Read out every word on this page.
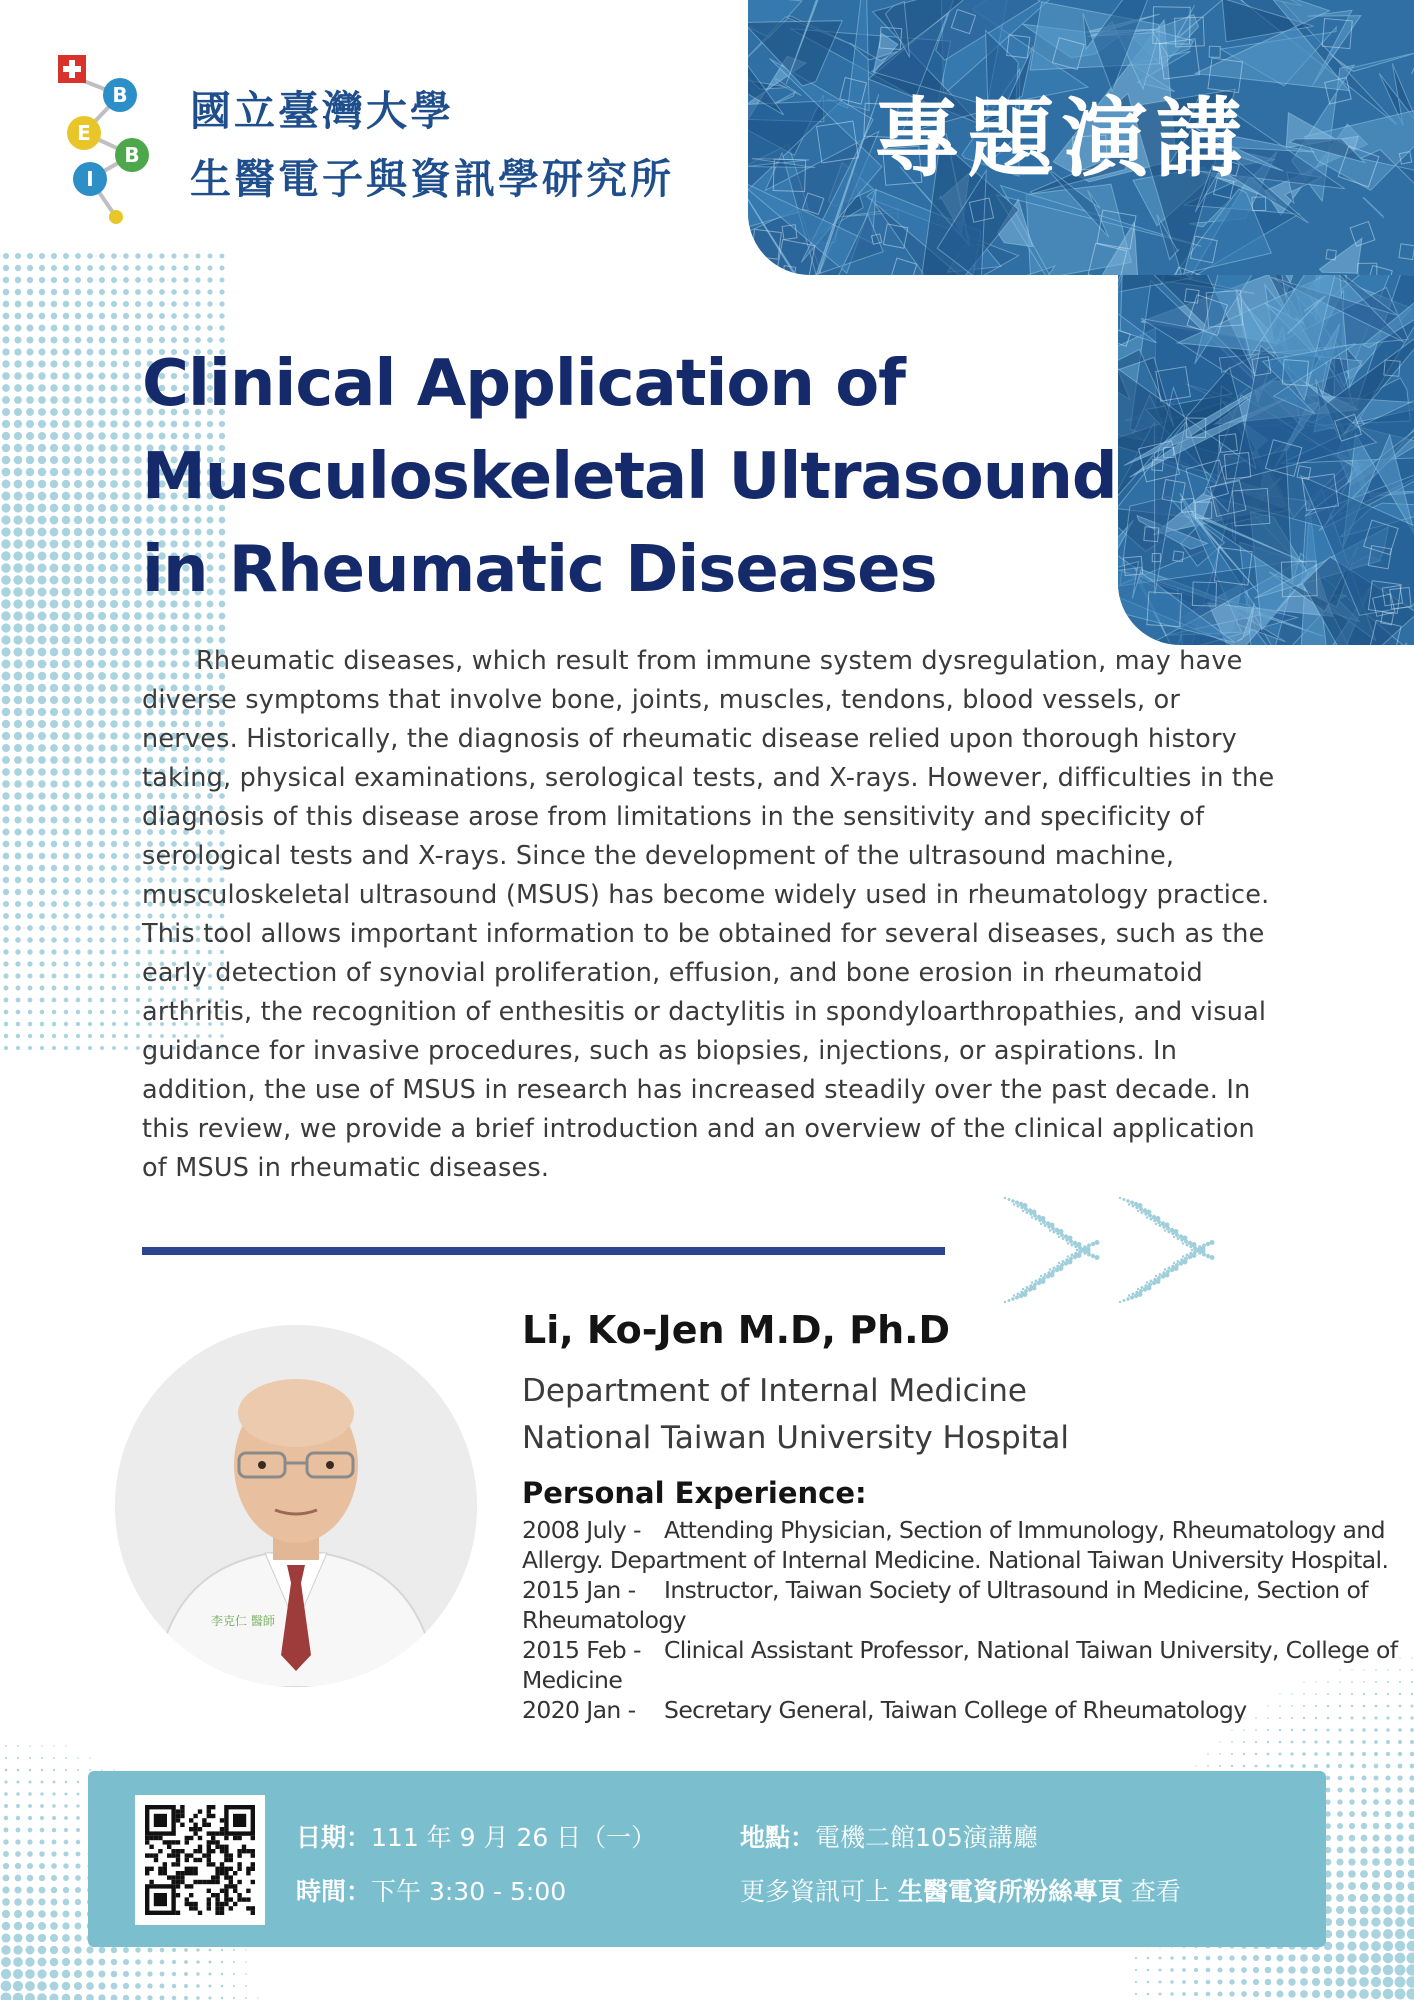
專題演講
B
E
B
I
國立臺灣大學
生醫電子與資訊學研究所
Clinical Application of Musculoskeletal Ultrasound in Rheumatic Diseases

Rheumatic diseases, which result from immune system dysregulation, may have diverse symptoms that involve bone, joints, muscles, tendons, blood vessels, or nerves. Historically, the diagnosis of rheumatic disease relied upon thorough history taking, physical examinations, serological tests, and X-rays. However, difficulties in the diagnosis of this disease arose from limitations in the sensitivity and specificity of serological tests and X-rays. Since the development of the ultrasound machine, musculoskeletal ultrasound (MSUS) has become widely used in rheumatology practice. This tool allows important information to be obtained for several diseases, such as the early detection of synovial proliferation, effusion, and bone erosion in rheumatoid arthritis, the recognition of enthesitis or dactylitis in spondyloarthropathies, and visual guidance for invasive procedures, such as biopsies, injections, or aspirations. In addition, the use of MSUS in research has increased steadily over the past decade. In this review, we provide a brief introduction and an overview of the clinical application of MSUS in rheumatic diseases.

李克仁 醫師
Li, Ko-Jen M.D, Ph.D
Department of Internal Medicine
National Taiwan University Hospital
Personal Experience:
2008 July - Attending Physician, Section of Immunology, Rheumatology and Allergy. Department of Internal Medicine. National Taiwan University Hospital.
2015 Jan - Instructor, Taiwan Society of Ultrasound in Medicine, Section of Rheumatology
2015 Feb - Clinical Assistant Professor, National Taiwan University, College of Medicine
2020 Jan - Secretary General, Taiwan College of Rheumatology
日期：111 年 9 月 26 日（一）
時間：下午 3:30 - 5:00
地點：電機二館105演講廳
更多資訊可上 生醫電資所粉絲專頁 查看
